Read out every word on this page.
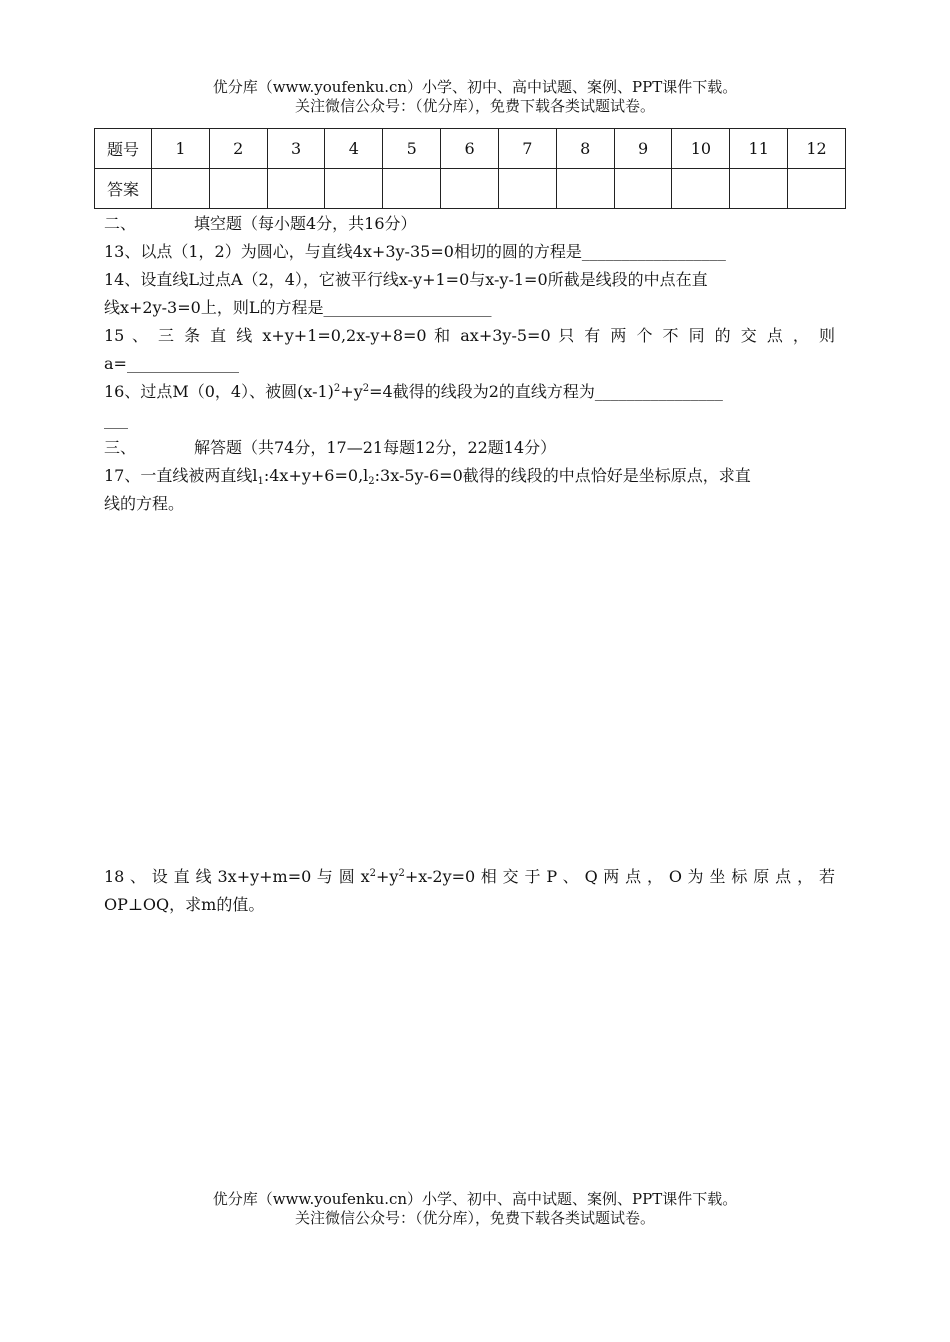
优分库（www.youfenku.cn）小学、初中、高中试题、案例、PPT课件下载。
关注微信公众号：（优分库），免费下载各类试题试卷。
题号	1	2	3	4	5	6	7	8	9	10	11	12
答案												
二、	填空题（每小题4分，共16分）
13、以点（1，2）为圆心，与直线4x+3y-35=0相切的圆的方程是__________________
14、设直线L过点A（2，4），它被平行线x-y+1=0与x-y-1=0所截是线段的中点在直
线x+2y-3=0上，则L的方程是_____________________
15 、 三 条 直 线 x+y+1=0,2x-y+8=0 和 ax+3y-5=0 只 有 两 个 不 同 的 交 点 ， 则
a=______________
16、过点M（0，4）、被圆$(x-1)^2+y^2=4$截得的线段为2的直线方程为________________
___
三、	解答题（共74分，17—21每题12分，22题14分）
17、一直线被两直线$l_1:4x+y+6=0,l_2:3x-5y-6=0$截得的线段的中点恰好是坐标原点，求直
线的方程。
18 、 设 直 线 3x+y+m=0 与 圆 $x^2+y^2+x-2y=0$ 相 交 于 P 、 Q 两 点 ， O 为 坐 标 原 点 ， 若
OP⊥OQ，求m的值。
优分库（www.youfenku.cn）小学、初中、高中试题、案例、PPT课件下载。
关注微信公众号：（优分库），免费下载各类试题试卷。
